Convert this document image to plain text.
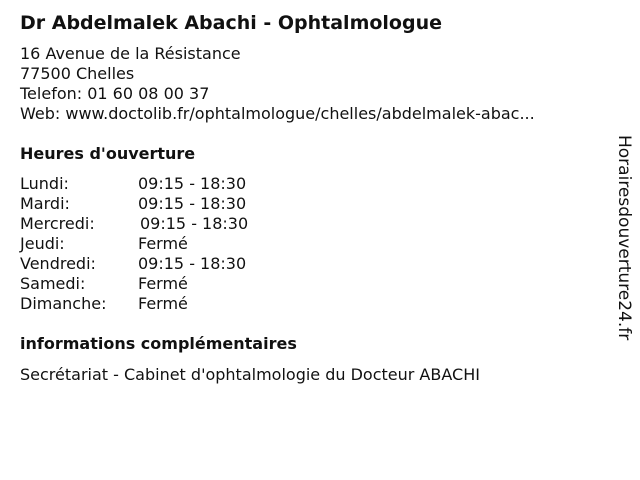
Dr Abdelmalek Abachi - Ophtalmologue
16 Avenue de la Résistance
77500 Chelles
Telefon: 01 60 08 00 37
Web: www.doctolib.fr/ophtalmologue/chelles/abdelmalek-abac...
Heures d'ouverture
Lundi:	09:15 - 18:30
Mardi:	09:15 - 18:30
Mercredi:	09:15 - 18:30
Jeudi:	Fermé
Vendredi:	09:15 - 18:30
Samedi:	Fermé
Dimanche: Fermé
informations complémentaires
Secrétariat - Cabinet d'ophtalmologie du Docteur ABACHI
Horairesdouverture24.fr
